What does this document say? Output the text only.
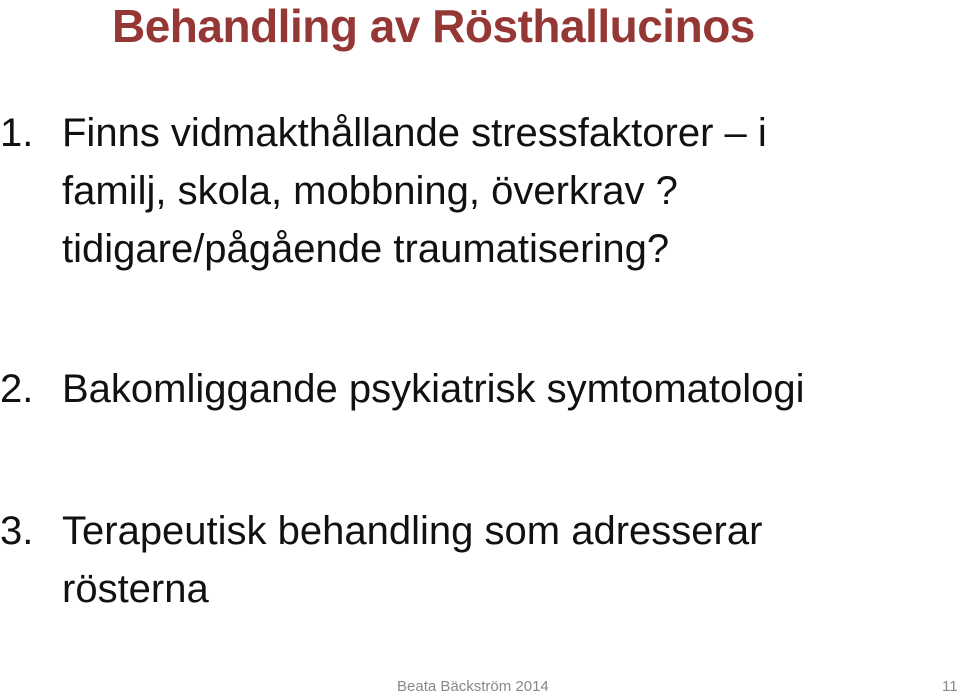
Behandling av Rösthallucinos
1. Finns vidmakthållande stressfaktorer – i
familj, skola, mobbning, överkrav ?
tidigare/pågående traumatisering?
2. Bakomliggande psykiatrisk symtomatologi
3. Terapeutisk behandling som adresserar
rösterna
Beata Bäckström 2014	11
